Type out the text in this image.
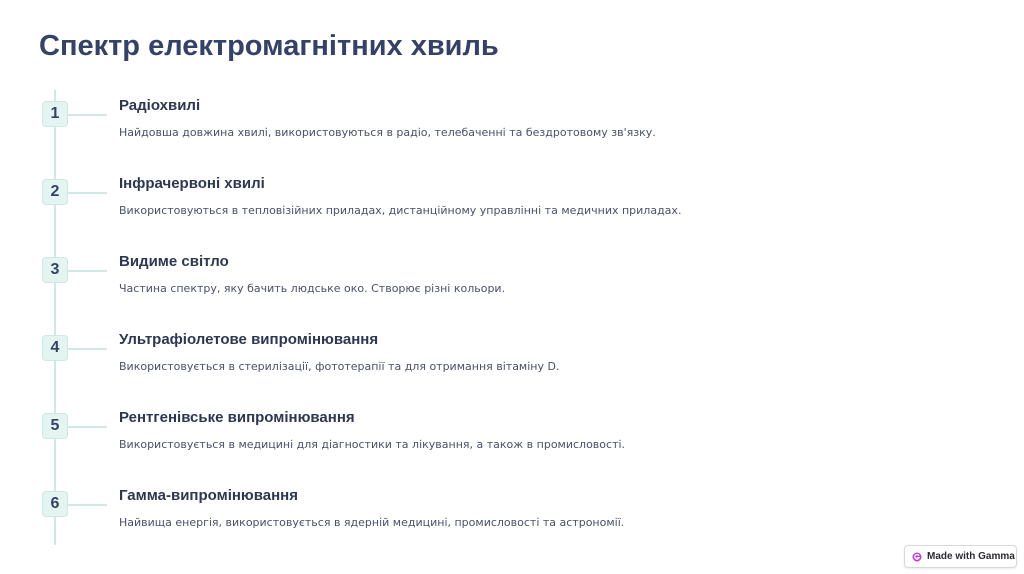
Спектр електромагнітних хвиль
1	Радіохвилі

Найдовша довжина хвилі, використовуються в радіо, телебаченні та бездротовому зв'язку.

2	Інфрачервоні хвилі

Використовуються в тепловізійних приладах, дистанційному управлінні та медичних приладах.

3	Видиме світло

Частина спектру, яку бачить людське око. Створює різні кольори.

4	Ультрафіолетове випромінювання

Використовується в стерилізації, фототерапії та для отримання вітаміну D.

5	Рентгенівське випромінювання

Використовується в медицині для діагностики та лікування, а також в промисловості.

6	Гамма-випромінювання

Найвища енергія, використовується в ядерній медицині, промисловості та астрономії.

Made with Gamma
